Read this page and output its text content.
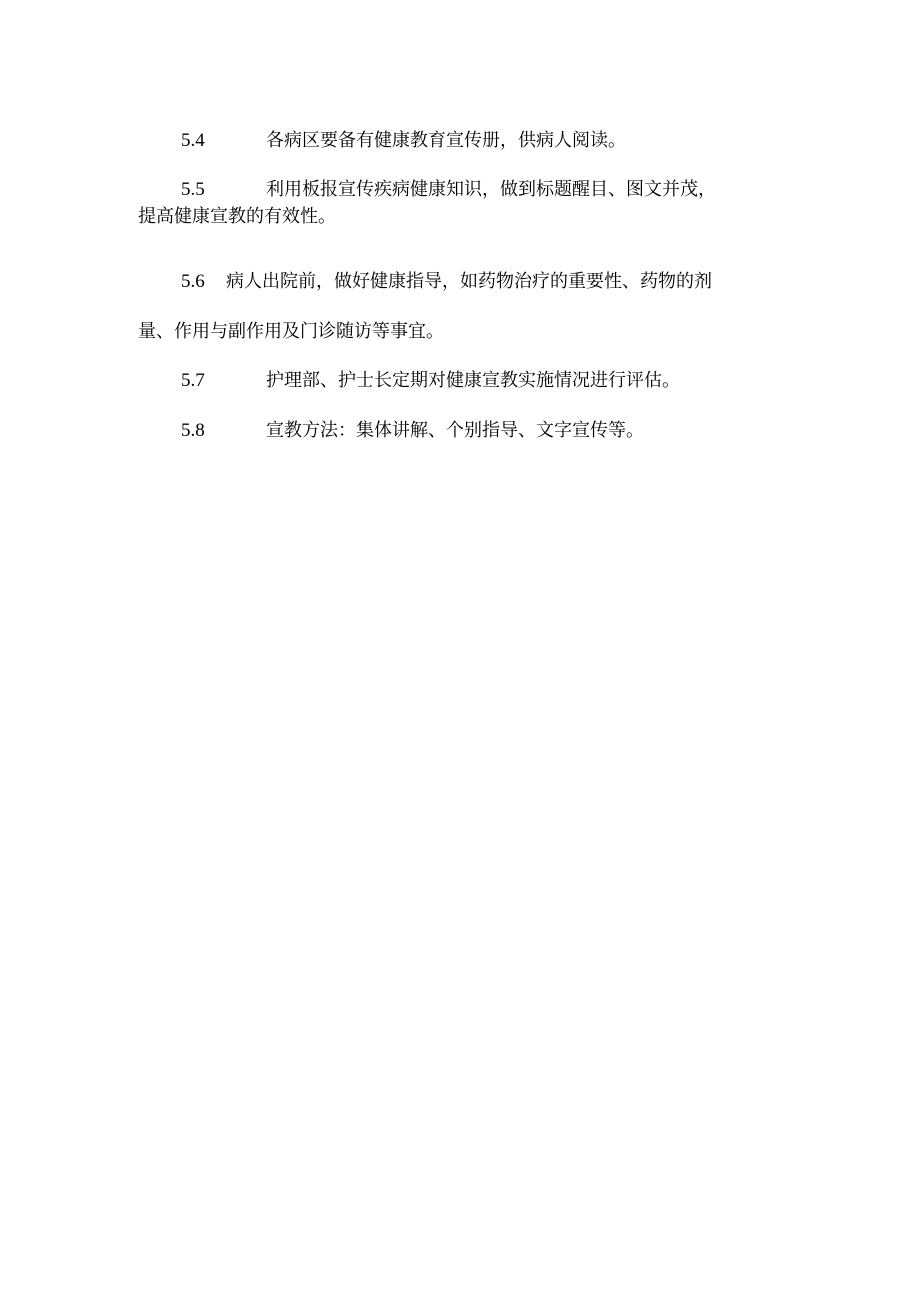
5.4	各病区要备有健康教育宣传册，供病人阅读。
5.5	利用板报宣传疾病健康知识，做到标题醒目、图文并茂，
提高健康宣教的有效性。
5.6 病人出院前，做好健康指导，如药物治疗的重要性、药物的剂
量、作用与副作用及门诊随访等事宜。
5.7	护理部、护士长定期对健康宣教实施情况进行评估。
5.8	宣教方法：集体讲解、个别指导、文字宣传等。
